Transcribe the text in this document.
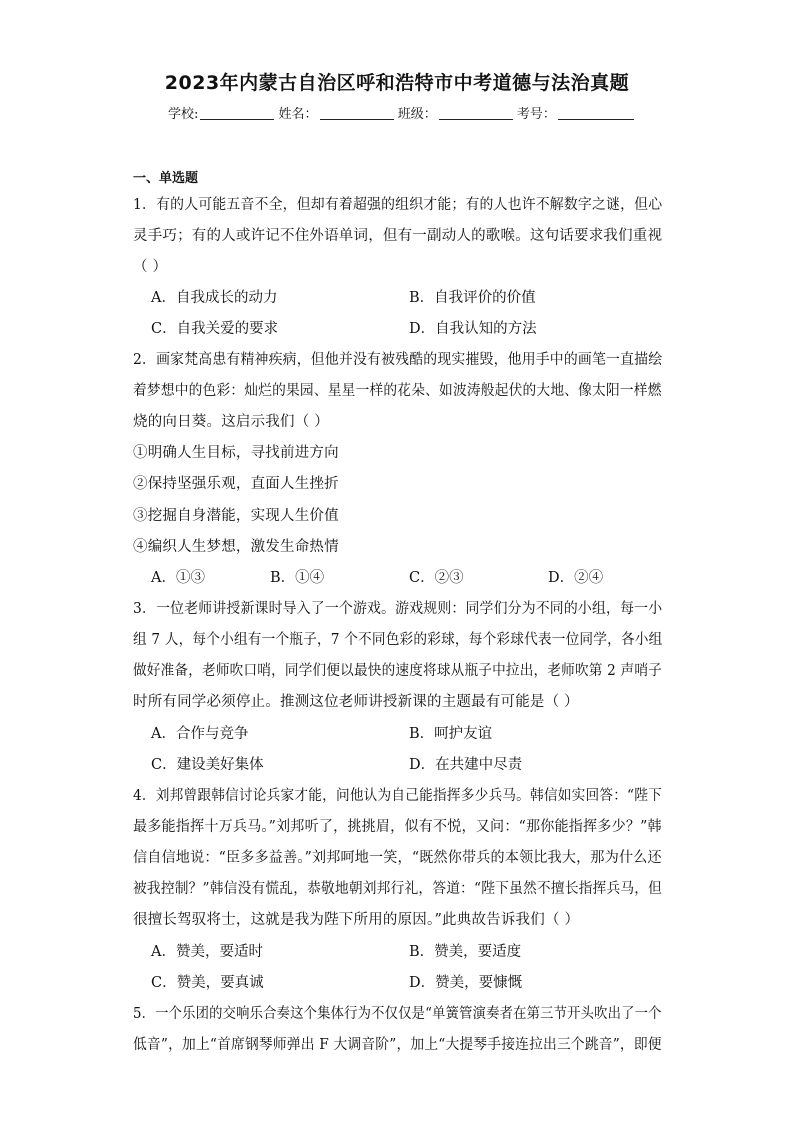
2023年内蒙古自治区呼和浩特市中考道德与法治真题
学校:	姓名：	班级：	考号：
一、单选题
1．有的人可能五音不全，但却有着超强的组织才能；有的人也许不解数字之谜，但心
灵手巧；有的人或许记不住外语单词，但有一副动人的歌喉。这句话要求我们重视
（ ）
A．自我成长的动力	B．自我评价的价值
C．自我关爱的要求	D．自我认知的方法
2．画家梵高患有精神疾病，但他并没有被残酷的现实摧毁，他用手中的画笔一直描绘
着梦想中的色彩：灿烂的果园、星星一样的花朵、如波涛般起伏的大地、像太阳一样燃
烧的向日葵。这启示我们（ ）
①明确人生目标，寻找前进方向
②保持坚强乐观，直面人生挫折
③挖掘自身潜能，实现人生价值
④编织人生梦想，激发生命热情
A．①③	B．①④	C．②③	D．②④
3．一位老师讲授新课时导入了一个游戏。游戏规则：同学们分为不同的小组，每一小
组 7 人，每个小组有一个瓶子，7 个不同色彩的彩球，每个彩球代表一位同学，各小组
做好准备，老师吹口哨，同学们便以最快的速度将球从瓶子中拉出，老师吹第 2 声哨子
时所有同学必须停止。推测这位老师讲授新课的主题最有可能是（ ）
A．合作与竞争	B．呵护友谊
C．建设美好集体	D．在共建中尽责
4．刘邦曾跟韩信讨论兵家才能，问他认为自己能指挥多少兵马。韩信如实回答：“陛下
最多能指挥十万兵马。”刘邦听了，挑挑眉，似有不悦，又问：“那你能指挥多少？”韩
信自信地说：“臣多多益善。”刘邦呵地一笑，“既然你带兵的本领比我大，那为什么还
被我控制？”韩信没有慌乱，恭敬地朝刘邦行礼，答道：“陛下虽然不擅长指挥兵马，但
很擅长驾驭将士，这就是我为陛下所用的原因。”此典故告诉我们（ ）
A．赞美，要适时	B．赞美，要适度
C．赞美，要真诚	D．赞美，要慷慨
5．一个乐团的交响乐合奏这个集体行为不仅仅是“单簧管演奏者在第三节开头吹出了一个
低音”，加上“首席钢琴师弹出 F 大调音阶”，加上“大提琴手接连拉出三个跳音”，即便
